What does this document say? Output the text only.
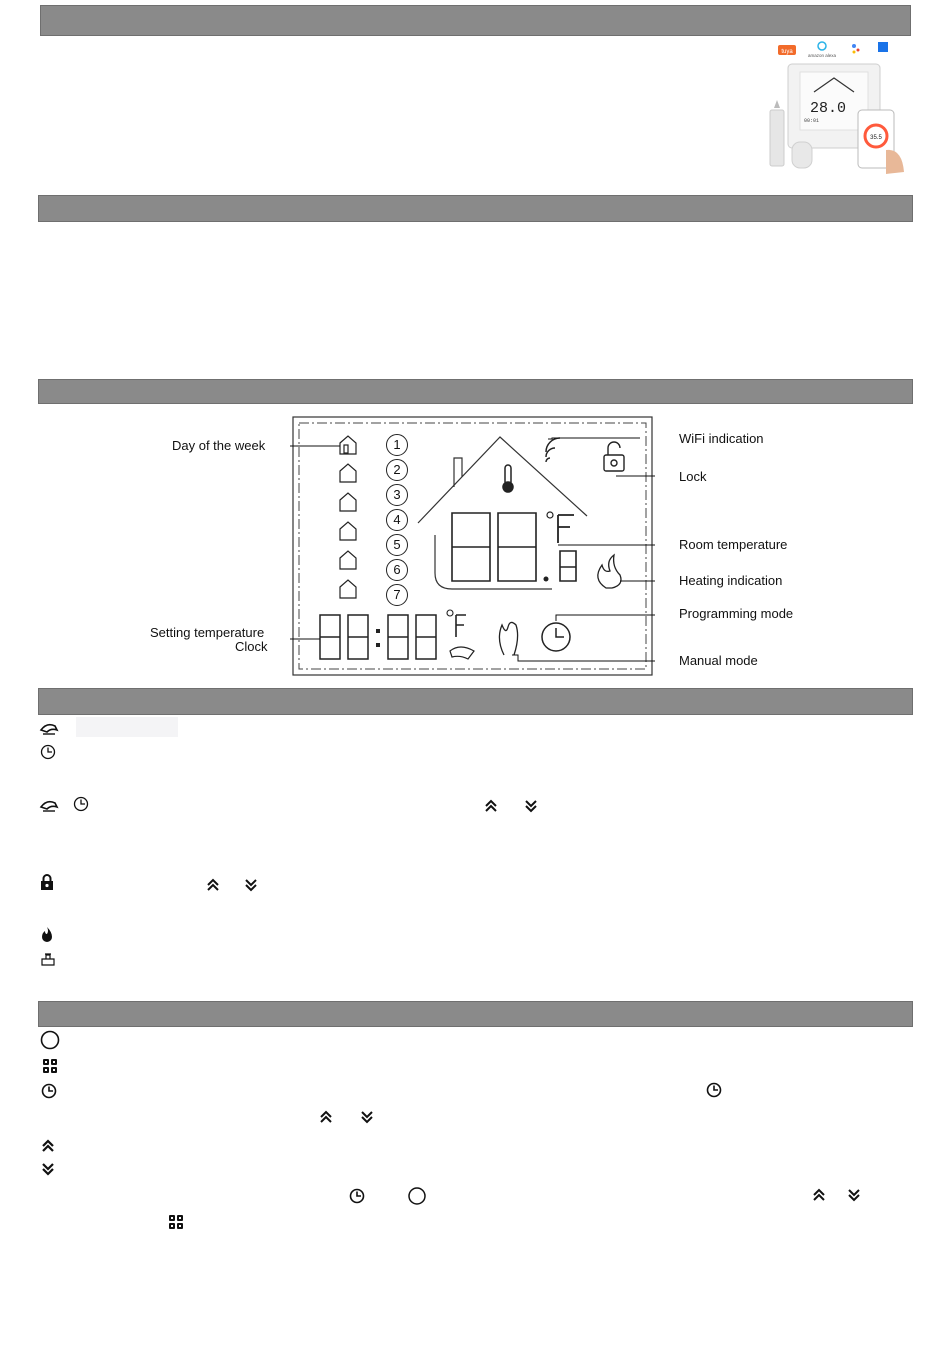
tuya
amazon alexa
28.0
00:01
35.5
1
2
3
4
5
6
7
Day of the week
Setting temperature
Clock
WiFi indication
Lock
Room temperature
Heating indication
Programming mode
Manual mode
